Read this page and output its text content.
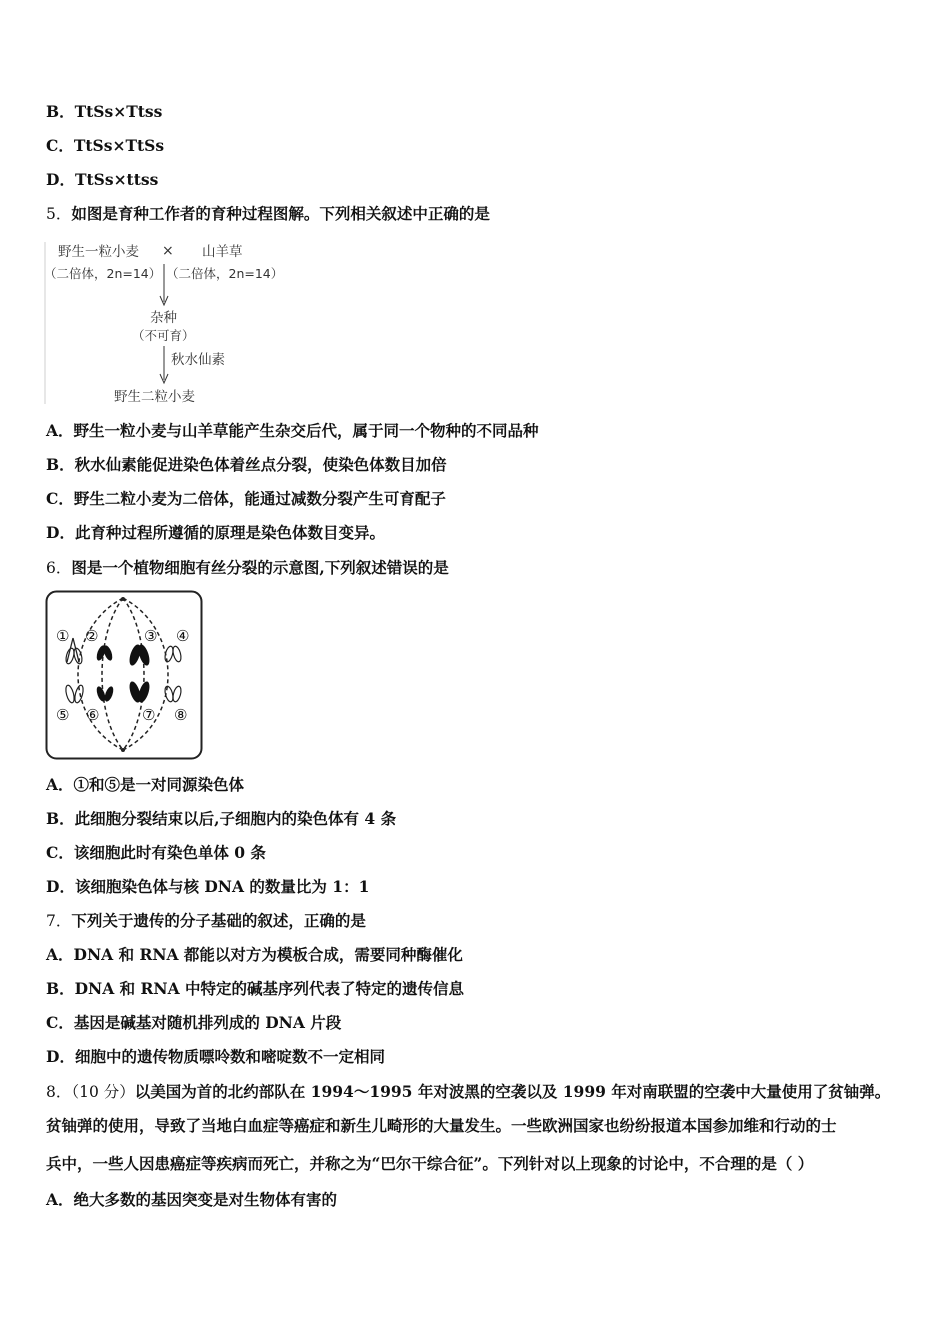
B．TtSs×Ttss
C．TtSs×TtSs
D．TtSs×ttss
5．如图是育种工作者的育种过程图解。下列相关叙述中正确的是
野生一粒小麦 × 山羊草
（二倍体，2n=14） （二倍体，2n=14）
杂种
（不可育）
秋水仙素
野生二粒小麦
A．野生一粒小麦与山羊草能产生杂交后代，属于同一个物种的不同品种
B．秋水仙素能促进染色体着丝点分裂，使染色体数目加倍
C．野生二粒小麦为二倍体，能通过减数分裂产生可育配子
D．此育种过程所遵循的原理是染色体数目变异。
6．图是一个植物细胞有丝分裂的示意图,下列叙述错误的是
① ②	③ ④
⑤ ⑥	⑦ ⑧
A．①和⑤是一对同源染色体
B．此细胞分裂结束以后,子细胞内的染色体有 4 条
C．该细胞此时有染色单体 0 条
D．该细胞染色体与核 DNA 的数量比为 1：1
7．下列关于遗传的分子基础的叙述，正确的是
A．DNA 和 RNA 都能以对方为模板合成，需要同种酶催化
B．DNA 和 RNA 中特定的碱基序列代表了特定的遗传信息
C．基因是碱基对随机排列成的 DNA 片段
D．细胞中的遗传物质嘌呤数和嘧啶数不一定相同
8．（10 分）以美国为首的北约部队在 1994～1995 年对波黑的空袭以及 1999 年对南联盟的空袭中大量使用了贫铀弹。
贫铀弹的使用，导致了当地白血症等癌症和新生儿畸形的大量发生。一些欧洲国家也纷纷报道本国参加维和行动的士
兵中，一些人因患癌症等疾病而死亡，并称之为“巴尔干综合征”。下列针对以上现象的讨论中，不合理的是（ ）
A．绝大多数的基因突变是对生物体有害的
